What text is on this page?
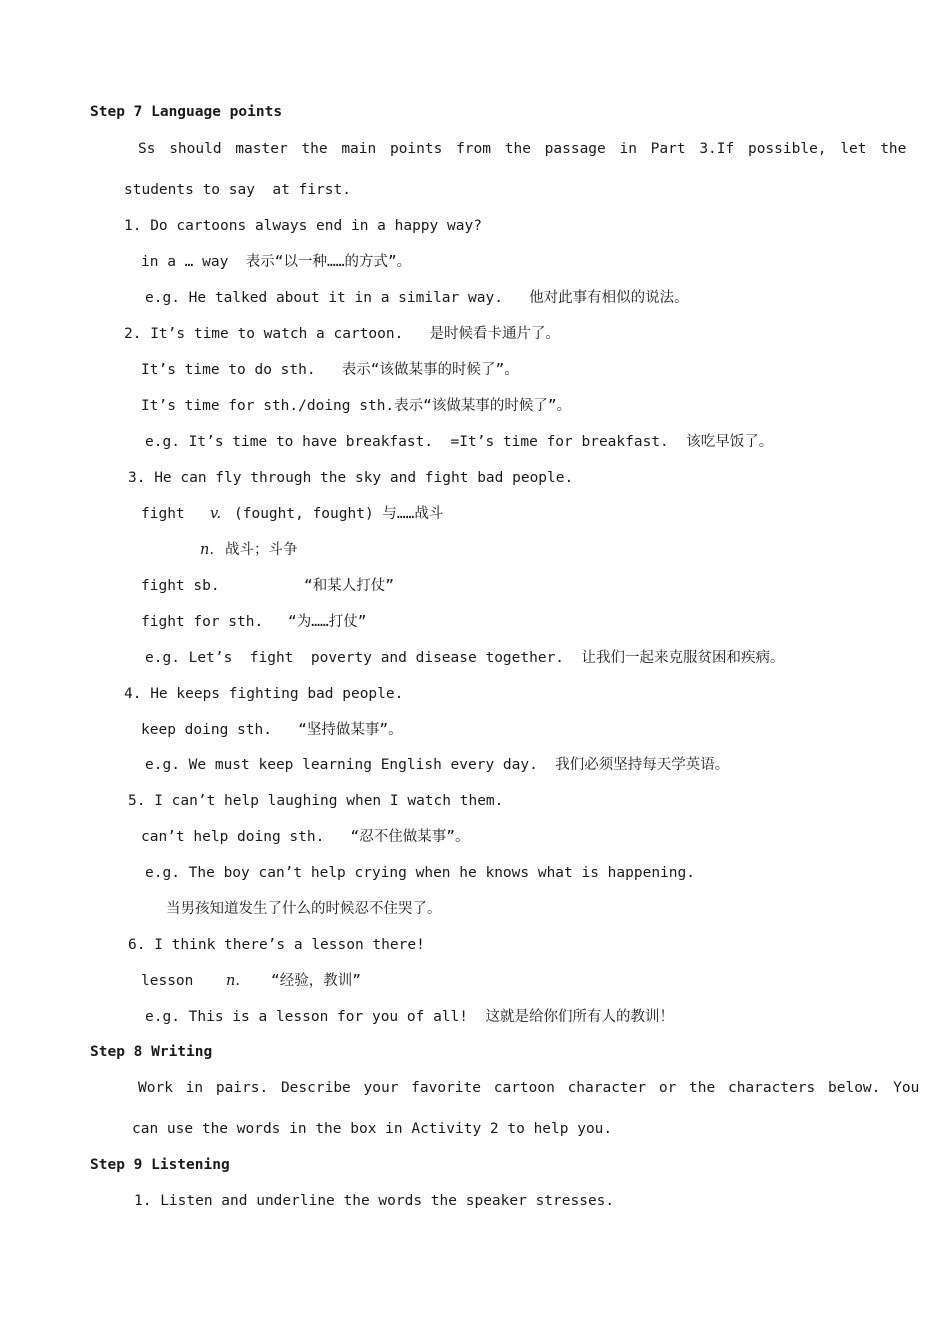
Step 7 Language points
Ss should master the main points from the passage in Part 3.If possible, let the
students to say  at first.
1. Do cartoons always end in a happy way?
in a … way  表示“以一种……的方式”。
e.g. He talked about it in a similar way.   他对此事有相似的说法。
2. It’s time to watch a cartoon.   是时候看卡通片了。
It’s time to do sth.   表示“该做某事的时候了”。
It’s time for sth./doing sth.表示“该做某事的时候了”。
e.g. It’s time to have breakfast.  =It’s time for breakfast.  该吃早饭了。
3. He can fly through the sky and fight bad people.
fight v. (fought, fought) 与……战斗
n. 战斗；斗争
fight sb.	“和某人打仗”
fight for sth. “为……打仗”
e.g. Let’s  fight  poverty and disease together.  让我们一起来克服贫困和疾病。
4. He keeps fighting bad people.
keep doing sth.   “坚持做某事”。
e.g. We must keep learning English every day.  我们必须坚持每天学英语。
5. I can’t help laughing when I watch them.
can’t help doing sth.   “忍不住做某事”。
e.g. The boy can’t help crying when he knows what is happening.
当男孩知道发生了什么的时候忍不住哭了。
6. I think there’s a lesson there!
lesson n. “经验，教训”
e.g. This is a lesson for you of all!  这就是给你们所有人的教训！
Step 8 Writing
Work in pairs. Describe your favorite cartoon character or the characters below. You
can use the words in the box in Activity 2 to help you.
Step 9 Listening
1. Listen and underline the words the speaker stresses.
